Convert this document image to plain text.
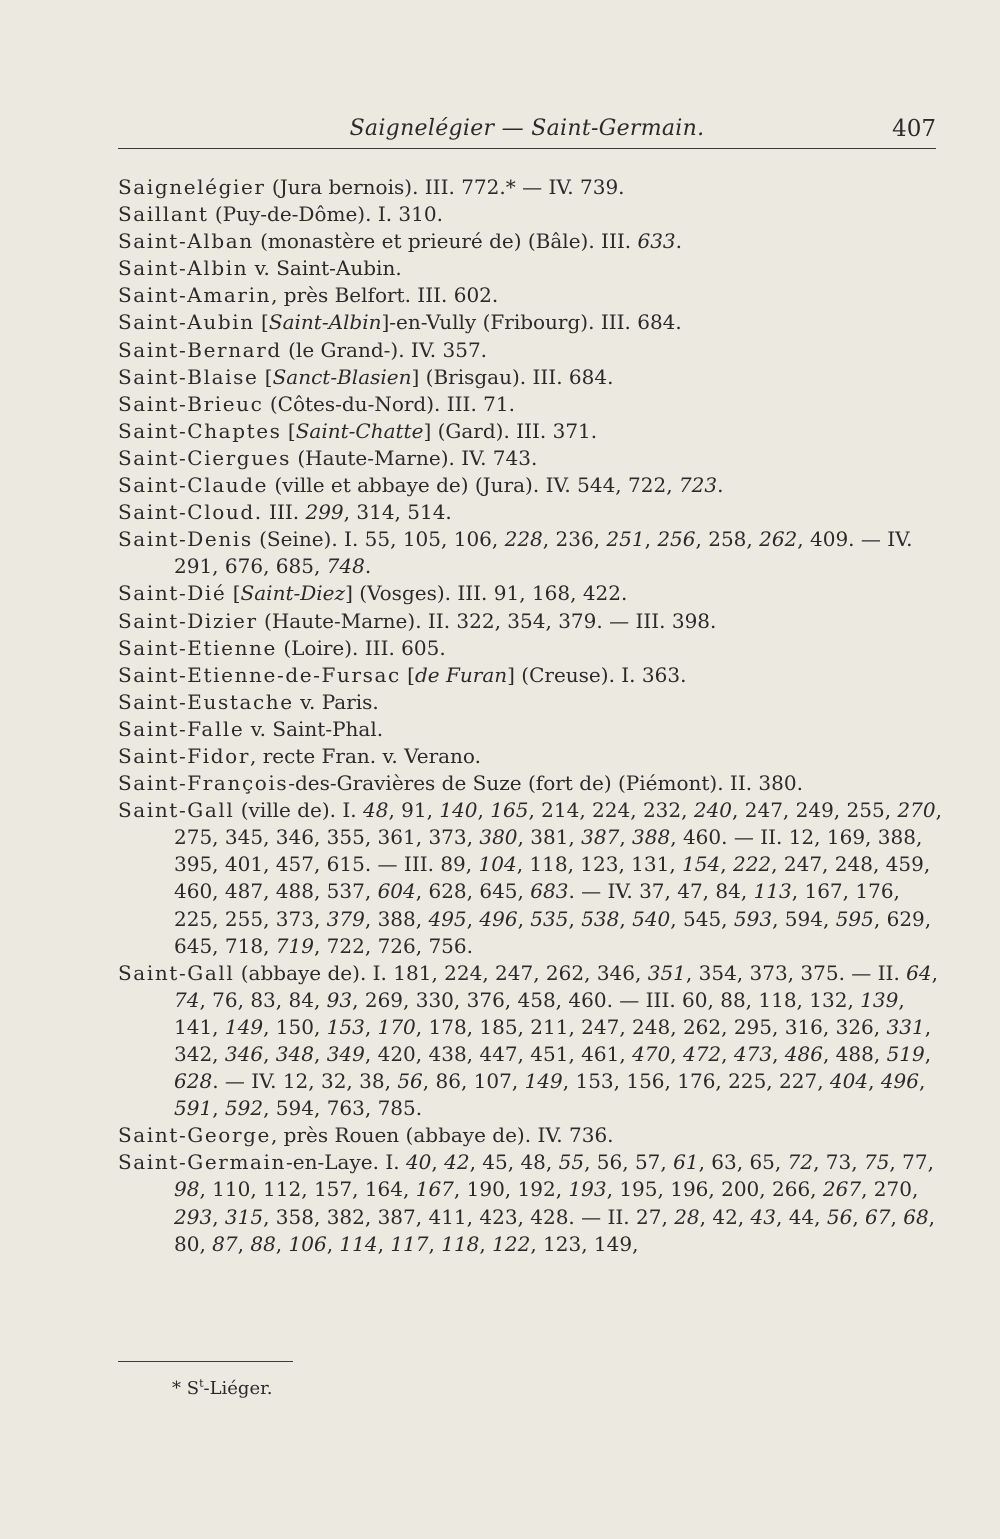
Saignelégier — Saint-Germain.	407
Saignelégier (Jura bernois). III. 772.* — IV. 739.
Saillant (Puy-de-Dôme). I. 310.
Saint-Alban (monastère et prieuré de) (Bâle). III. 633.
Saint-Albin v. Saint-Aubin.
Saint-Amarin, près Belfort. III. 602.
Saint-Aubin [Saint-Albin]-en-Vully (Fribourg). III. 684.
Saint-Bernard (le Grand-). IV. 357.
Saint-Blaise [Sanct-Blasien] (Brisgau). III. 684.
Saint-Brieuc (Côtes-du-Nord). III. 71.
Saint-Chaptes [Saint-Chatte] (Gard). III. 371.
Saint-Ciergues (Haute-Marne). IV. 743.
Saint-Claude (ville et abbaye de) (Jura). IV. 544, 722, 723.
Saint-Cloud. III. 299, 314, 514.
Saint-Denis (Seine). I. 55, 105, 106, 228, 236, 251, 256, 258, 262, 409. — IV. 291, 676, 685, 748.
Saint-Dié [Saint-Diez] (Vosges). III. 91, 168, 422.
Saint-Dizier (Haute-Marne). II. 322, 354, 379. — III. 398.
Saint-Etienne (Loire). III. 605.
Saint-Etienne-de-Fursac [de Furan] (Creuse). I. 363.
Saint-Eustache v. Paris.
Saint-Falle v. Saint-Phal.
Saint-Fidor, recte Fran. v. Verano.
Saint-François-des-Gravières de Suze (fort de) (Piémont). II. 380.
Saint-Gall (ville de). I. 48, 91, 140, 165, 214, 224, 232, 240, 247, 249, 255, 270, 275, 345, 346, 355, 361, 373, 380, 381, 387, 388, 460. — II. 12, 169, 388, 395, 401, 457, 615. — III. 89, 104, 118, 123, 131, 154, 222, 247, 248, 459, 460, 487, 488, 537, 604, 628, 645, 683. — IV. 37, 47, 84, 113, 167, 176, 225, 255, 373, 379, 388, 495, 496, 535, 538, 540, 545, 593, 594, 595, 629, 645, 718, 719, 722, 726, 756.
Saint-Gall (abbaye de). I. 181, 224, 247, 262, 346, 351, 354, 373, 375. — II. 64, 74, 76, 83, 84, 93, 269, 330, 376, 458, 460. — III. 60, 88, 118, 132, 139, 141, 149, 150, 153, 170, 178, 185, 211, 247, 248, 262, 295, 316, 326, 331, 342, 346, 348, 349, 420, 438, 447, 451, 461, 470, 472, 473, 486, 488, 519, 628. — IV. 12, 32, 38, 56, 86, 107, 149, 153, 156, 176, 225, 227, 404, 496, 591, 592, 594, 763, 785.
Saint-George, près Rouen (abbaye de). IV. 736.
Saint-Germain-en-Laye. I. 40, 42, 45, 48, 55, 56, 57, 61, 63, 65, 72, 73, 75, 77, 98, 110, 112, 157, 164, 167, 190, 192, 193, 195, 196, 200, 266, 267, 270, 293, 315, 358, 382, 387, 411, 423, 428. — II. 27, 28, 42, 43, 44, 56, 67, 68, 80, 87, 88, 106, 114, 117, 118, 122, 123, 149,
* $S^t$-Liéger.
